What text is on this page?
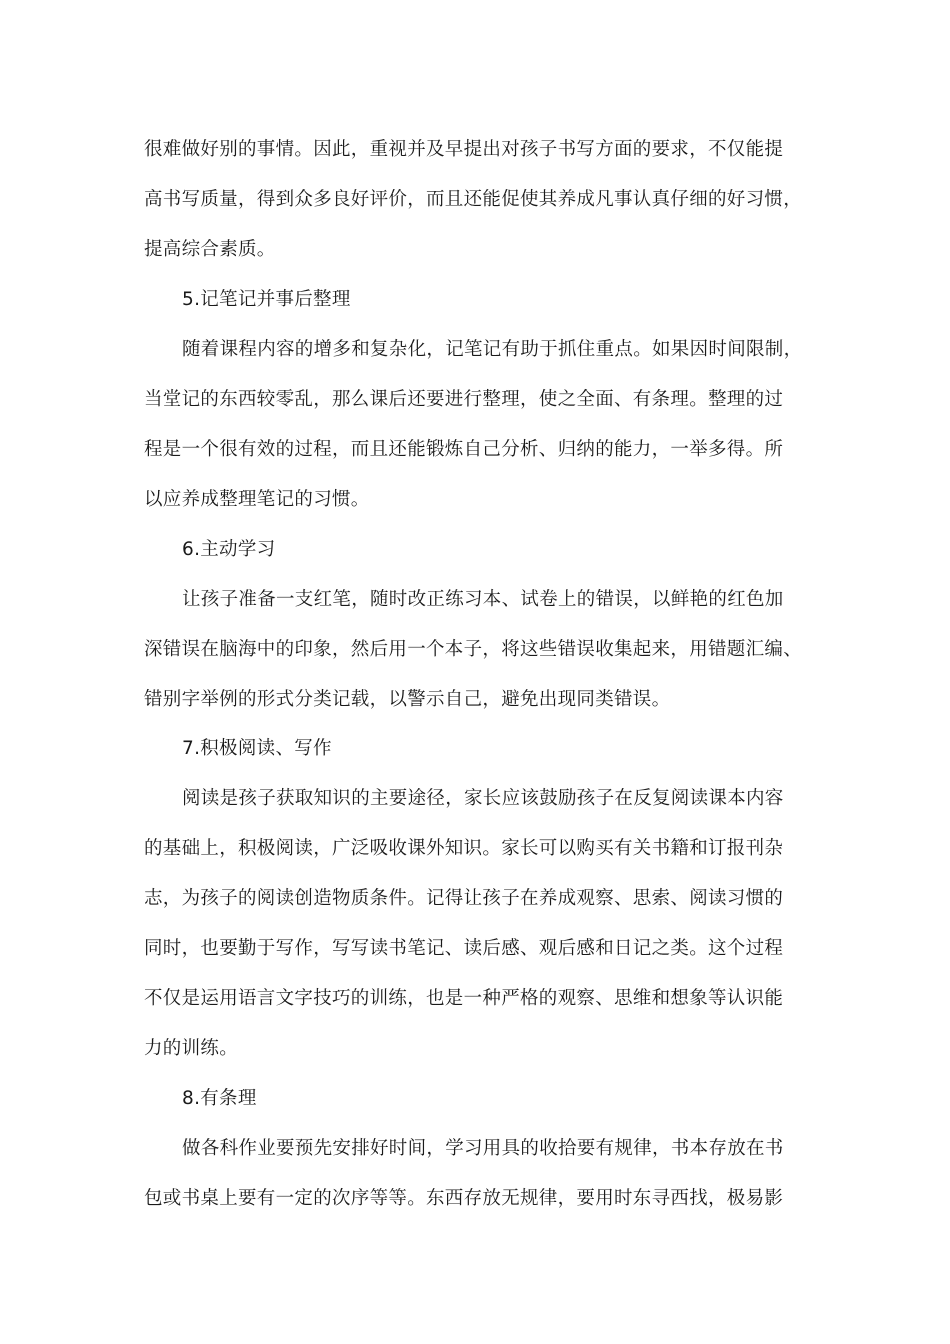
很难做好别的事情。因此，重视并及早提出对孩子书写方面的要求，不仅能提
高书写质量，得到众多良好评价，而且还能促使其养成凡事认真仔细的好习惯，
提高综合素质。
5.记笔记并事后整理
随着课程内容的增多和复杂化，记笔记有助于抓住重点。如果因时间限制，
当堂记的东西较零乱，那么课后还要进行整理，使之全面、有条理。整理的过
程是一个很有效的过程，而且还能锻炼自己分析、归纳的能力，一举多得。所
以应养成整理笔记的习惯。
6.主动学习
让孩子准备一支红笔，随时改正练习本、试卷上的错误，以鲜艳的红色加
深错误在脑海中的印象，然后用一个本子，将这些错误收集起来，用错题汇编、
错别字举例的形式分类记载，以警示自己，避免出现同类错误。
7.积极阅读、写作
阅读是孩子获取知识的主要途径，家长应该鼓励孩子在反复阅读课本内容
的基础上，积极阅读，广泛吸收课外知识。家长可以购买有关书籍和订报刊杂
志，为孩子的阅读创造物质条件。记得让孩子在养成观察、思索、阅读习惯的
同时，也要勤于写作，写写读书笔记、读后感、观后感和日记之类。这个过程
不仅是运用语言文字技巧的训练，也是一种严格的观察、思维和想象等认识能
力的训练。
8.有条理
做各科作业要预先安排好时间，学习用具的收拾要有规律，书本存放在书
包或书桌上要有一定的次序等等。东西存放无规律，要用时东寻西找，极易影
